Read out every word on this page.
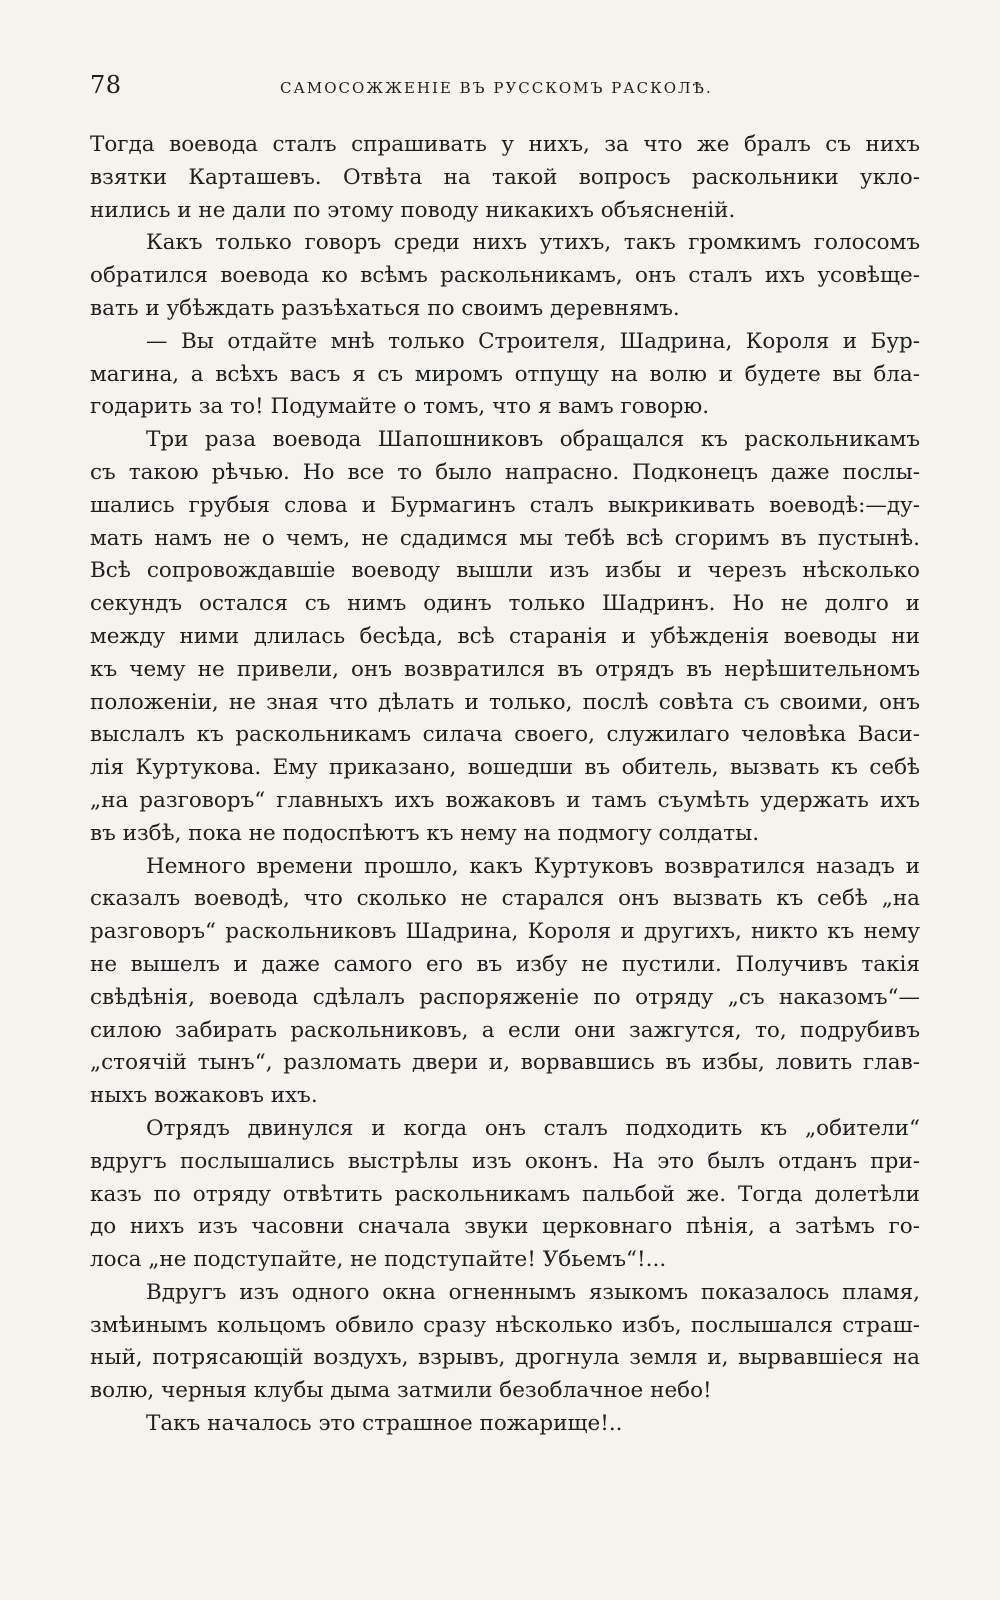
78	САМОСОЖЖЕНІЕ ВЪ РУССКОМЪ РАСКОЛѢ.
Тогда воевода сталъ спрашивать у нихъ, за что же бралъ съ нихъ
взятки Карташевъ. Отвѣта на такой вопросъ раскольники укло-
нились и не дали по этому поводу никакихъ объясненій.
Какъ только говоръ среди нихъ утихъ, такъ громкимъ голосомъ
обратился воевода ко всѣмъ раскольникамъ, онъ сталъ ихъ усовѣще-
вать и убѣждать разъѣхаться по своимъ деревнямъ.
— Вы отдайте мнѣ только Строителя, Шадрина, Короля и Бур-
магина, а всѣхъ васъ я съ миромъ отпущу на волю и будете вы бла-
годарить за то! Подумайте о томъ, что я вамъ говорю.
Три раза воевода Шапошниковъ обращался къ раскольникамъ
съ такою рѣчью. Но все то было напрасно. Подконецъ даже послы-
шались грубыя слова и Бурмагинъ сталъ выкрикивать воеводѣ:—ду-
мать намъ не о чемъ, не сдадимся мы тебѣ всѣ сгоримъ въ пустынѣ.
Всѣ сопровождавшіе воеводу вышли изъ избы и черезъ нѣсколько
секундъ остался съ нимъ одинъ только Шадринъ. Но не долго и
между ними длилась бесѣда, всѣ старанія и убѣжденія воеводы ни
къ чему не привели, онъ возвратился въ отрядъ въ нерѣшительномъ
положеніи, не зная что дѣлать и только, послѣ совѣта съ своими, онъ
выслалъ къ раскольникамъ силача своего, служилаго человѣка Васи-
лія Куртукова. Ему приказано, вошедши въ обитель, вызвать къ себѣ
„на разговоръ“ главныхъ ихъ вожаковъ и тамъ съумѣть удержать ихъ
въ избѣ, пока не подоспѣютъ къ нему на подмогу солдаты.
Немного времени прошло, какъ Куртуковъ возвратился назадъ и
сказалъ воеводѣ, что сколько не старался онъ вызвать къ себѣ „на
разговоръ“ раскольниковъ Шадрина, Короля и другихъ, никто къ нему
не вышелъ и даже самого его въ избу не пустили. Получивъ такія
свѣдѣнія, воевода сдѣлалъ распоряженіе по отряду „съ наказомъ“—
силою забирать раскольниковъ, а если они зажгутся, то, подрубивъ
„стоячій тынъ“, разломать двери и, ворвавшись въ избы, ловить глав-
ныхъ вожаковъ ихъ.
Отрядъ двинулся и когда онъ сталъ подходить къ „обители“
вдругъ послышались выстрѣлы изъ оконъ. На это былъ отданъ при-
казъ по отряду отвѣтить раскольникамъ пальбой же. Тогда долетѣли
до нихъ изъ часовни сначала звуки церковнаго пѣнія, а затѣмъ го-
лоса „не подступайте, не подступайте! Убьемъ“!...
Вдругъ изъ одного окна огненнымъ языкомъ показалось пламя,
змѣинымъ кольцомъ обвило сразу нѣсколько избъ, послышался страш-
ный, потрясающій воздухъ, взрывъ, дрогнула земля и, вырвавшіеся на
волю, черныя клубы дыма затмили безоблачное небо!
Такъ началось это страшное пожарище!..
